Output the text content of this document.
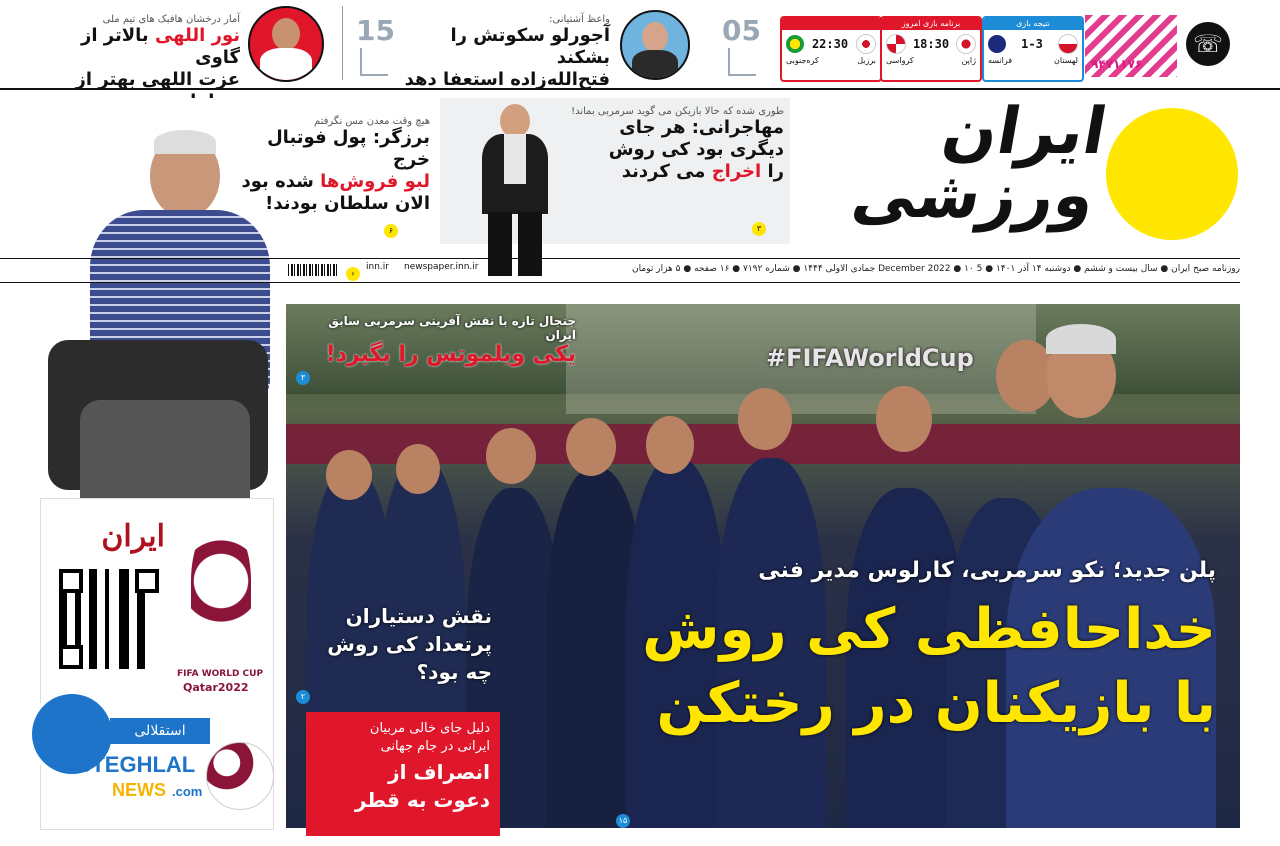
☏
۹۴۷۱۱۷۶
نتیجه بازی
1-3
لهستان
فرانسه
برنامه بازی امروز
18:30
ژاپن
کرواسی
22:30
برزیل
کره‌جنوبی
05
واعظ آشتیانی:
آجورلو سکوتش را بشکند
فتح‌الله‌زاده استعفا دهد
15
آمار درخشان هافبک های تیم ملی
نور اللهی بالاتر از گاوی
عزت اللهی بهتر از
ایران
ورزشی
طوری شده که حالا بازیکن می گوید سرمربی بماند!
مهاجرانی: هر جای
دیگری بود کی روش
را اخراج می کردند
۳
هیچ وقت معدن مس نگرفتم
برزگر: پول فوتبال خرج
لبو فروش‌ها شده بود
الان سلطان بودند!
۶
روزنامه صبح ایران ● سال بیست و ششم ● دوشنبه ۱۴ آذر ۱۴۰۱ ● 5 December 2022 ● ۱۰ جمادی الاولی ۱۴۴۴ ● شماره ۷۱۹۲ ● ۱۶ صفحه ● ۵ هزار تومان
newspaper.inn.ir
inn.ir
›
#FIFAWorldCup
جنجال تازه با نقش آفرینی سرمربی سابق ایران
یکی ویلموتس را بگیرد!
۳
پلن جدید؛ نکو سرمربی، کارلوس مدیر فنی
خداحافظی کی روش
با بازیکنان در رختکن
۱۵
نقش دستیاران
پرتعداد کی روش
چه بود؟
۲
دلیل جای خالی مربیان
ایرانی در جام جهانی
انصراف از
دعوت به قطر
ایران
FIFA WORLD CUP
Qatar2022
استقلالی
ESTEGHLAL
NEWS .com
